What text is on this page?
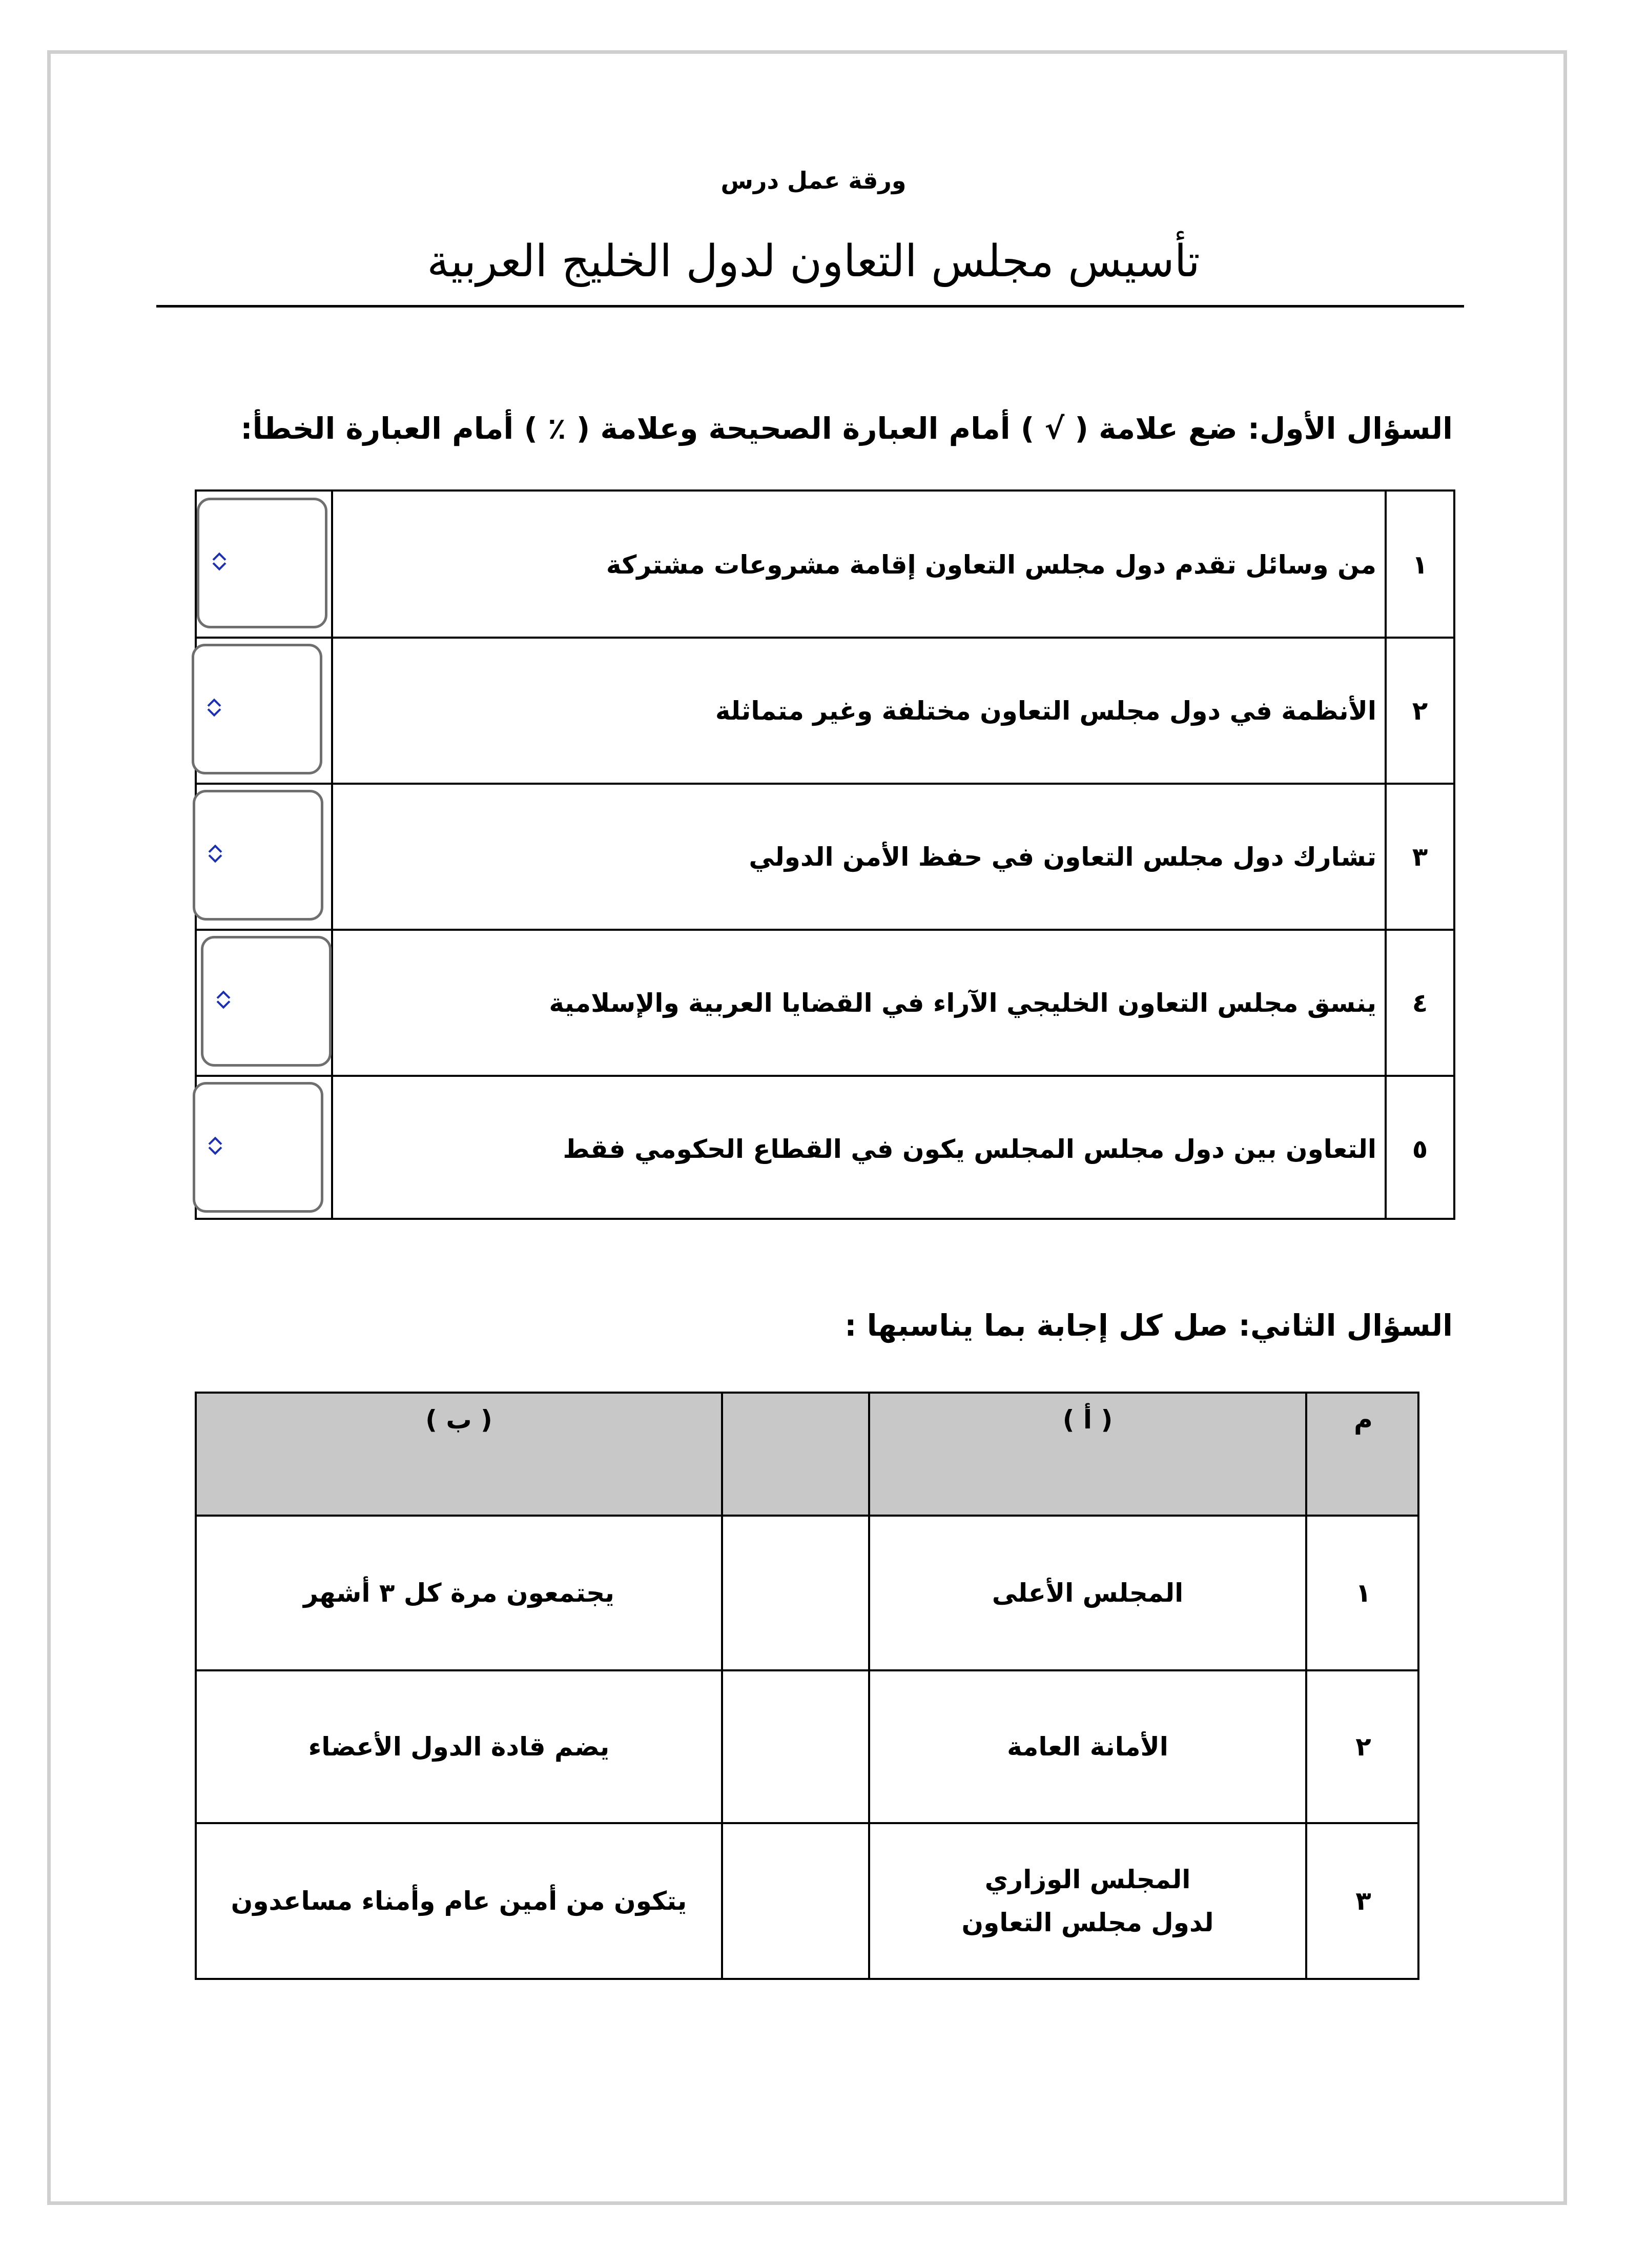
ورقة عمل درس
تأسيس مجلس التعاون لدول الخليج العربية
السؤال الأول: ضع علامة ( √ ) أمام العبارة الصحيحة وعلامة ( ٪ ) أمام العبارة الخطأ:
١
من وسائل تقدم دول مجلس التعاون إقامة مشروعات مشتركة
٢
الأنظمة في دول مجلس التعاون مختلفة وغير متماثلة
٣
تشارك دول مجلس التعاون في حفظ الأمن الدولي
٤
ينسق مجلس التعاون الخليجي الآراء في القضايا العربية والإسلامية
٥
التعاون بين دول مجلس المجلس يكون في القطاع الحكومي فقط
السؤال الثاني: صل كل إجابة بما يناسبها :
م
( أ )
( ب )
١
المجلس الأعلى
يجتمعون مرة كل ٣ أشهر
٢
الأمانة العامة
يضم قادة الدول الأعضاء
٣
المجلس الوزاري لدول مجلس التعاون
يتكون من أمين عام وأمناء مساعدون
